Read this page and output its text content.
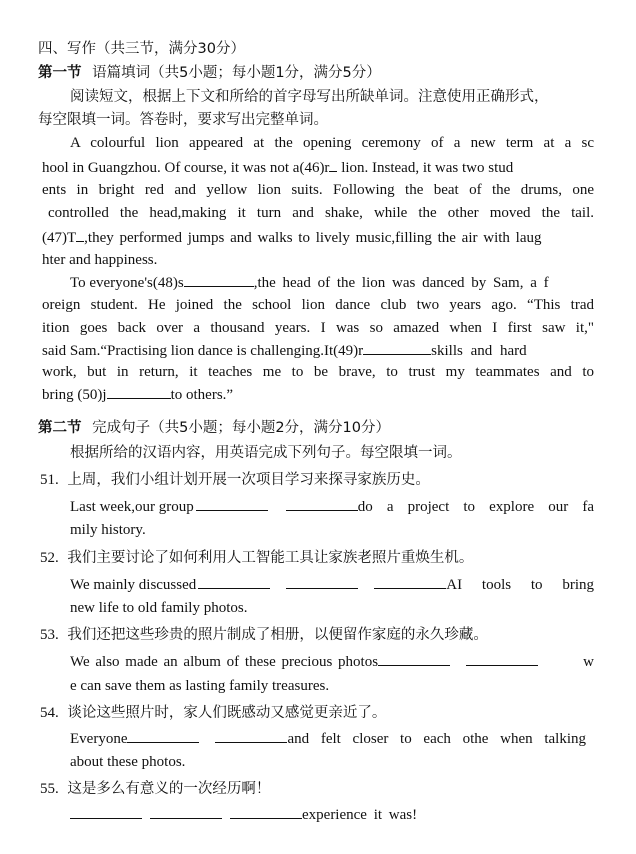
四、写作（共三节，满分30分）
第一节 语篇填词（共5小题；每小题1分，满分5分）
阅读短文，根据上下文和所给的首字母写出所缺单词。注意使用正确形式，
每空限填一词。答卷时，要求写出完整单词。
A colourful lion appeared at the opening ceremony of a new term at a sc
hool in Guangzhou. Of course, it was not a(46)r lion. Instead, it was two stud
ents in bright red and yellow lion suits. Following the beat of the drums, one
controlled the head,making it turn and shake, while the other moved the tail.
(47)T ,they performed jumps and walks to lively music,filling the air with laug
hter and happiness.
To everyone's(48)s	,the head of the lion was danced by Sam, a f
oreign student. He joined the school lion dance club two years ago. “This trad
ition goes back over a thousand years. I was so amazed when I first saw it,"
said Sam.“Practising lion dance is challenging.It(49)r	skills and hard
work, but in return, it teaches me to be brave, to trust my teammates and to
bring (50)j	to others.”
第二节 完成句子（共5小题；每小题2分，满分10分）
根据所给的汉语内容，用英语完成下列句子。每空限填一词。
51. 上周，我们小组计划开展一次项目学习来探寻家族历史。
Last week,our group	do a project to explore our fa
mily history.
52. 我们主要讨论了如何利用人工智能工具让家族老照片重焕生机。
We mainly discussed	AI tools to bring
new life to old family photos.
53. 我们还把这些珍贵的照片制成了相册，以便留作家庭的永久珍藏。
We also made an album of these precious photos	w
e can save them as lasting family treasures.
54. 谈论这些照片时，家人们既感动又感觉更亲近了。
Everyone	and felt closer to each othe when talking
about these photos.
55. 这是多么有意义的一次经历啊！
experience it was!
